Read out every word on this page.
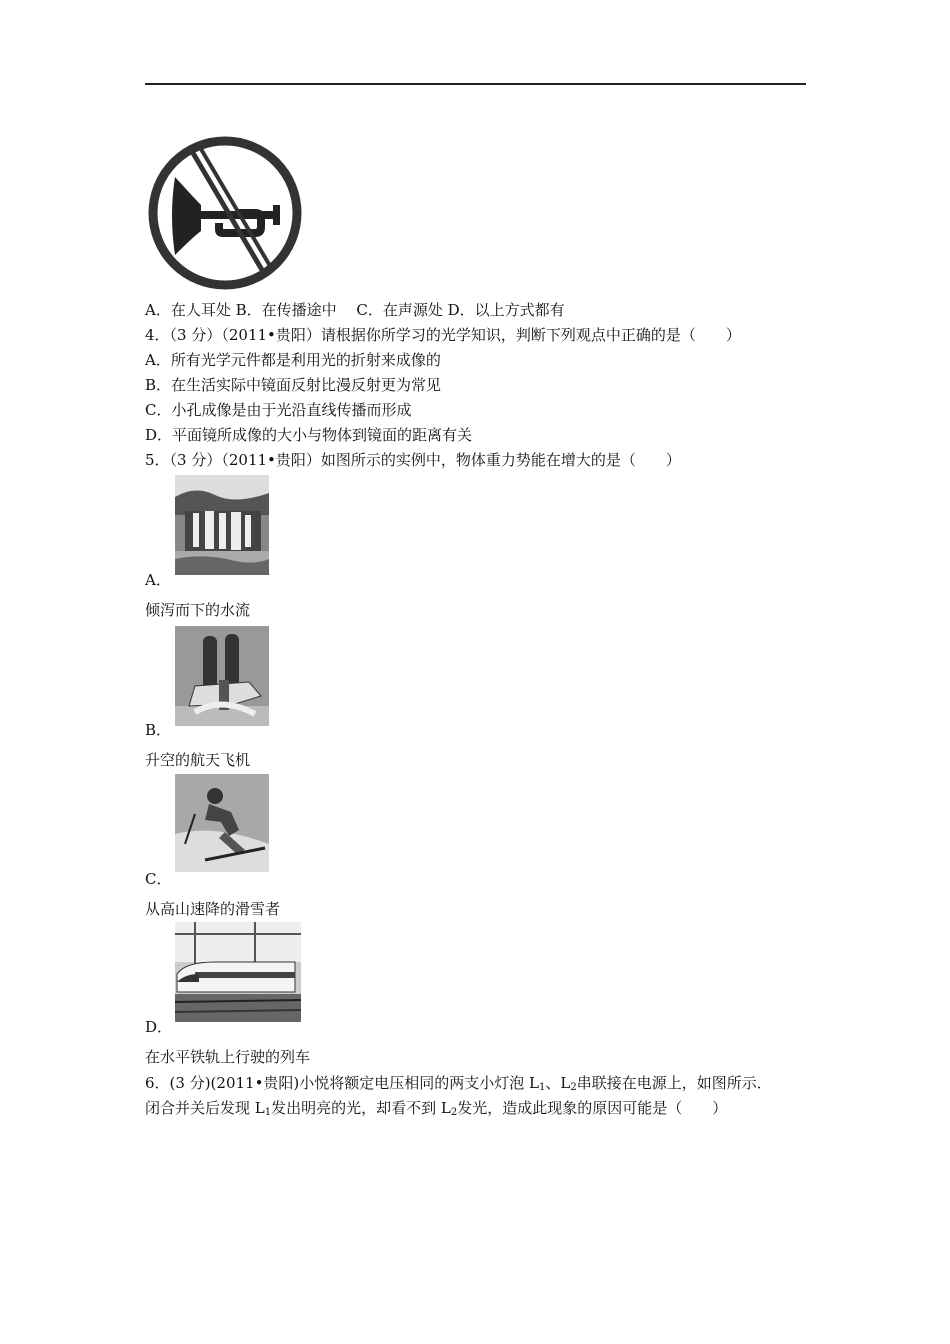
A．在人耳处 B．在传播途中　 C．在声源处 D．以上方式都有
4．（3 分）（2011•贵阳）请根据你所学习的光学知识，判断下列观点中正确的是（　　）
A．所有光学元件都是利用光的折射来成像的
B．在生活实际中镜面反射比漫反射更为常见
C．小孔成像是由于光沿直线传播而形成
D．平面镜所成像的大小与物体到镜面的距离有关
5．（3 分）（2011•贵阳）如图所示的实例中，物体重力势能在增大的是（　　）
A．
倾泻而下的水流
B．
升空的航天飞机
C．
从高山速降的滑雪者
D．
在水平铁轨上行驶的列车
6．(3 分)(2011•贵阳)小悦将额定电压相同的两支小灯泡 $L_1$、$L_2$串联接在电源上，如图所示．
闭合并关后发现 $L_1$发出明亮的光，却看不到 $L_2$发光，造成此现象的原因可能是（　　）
